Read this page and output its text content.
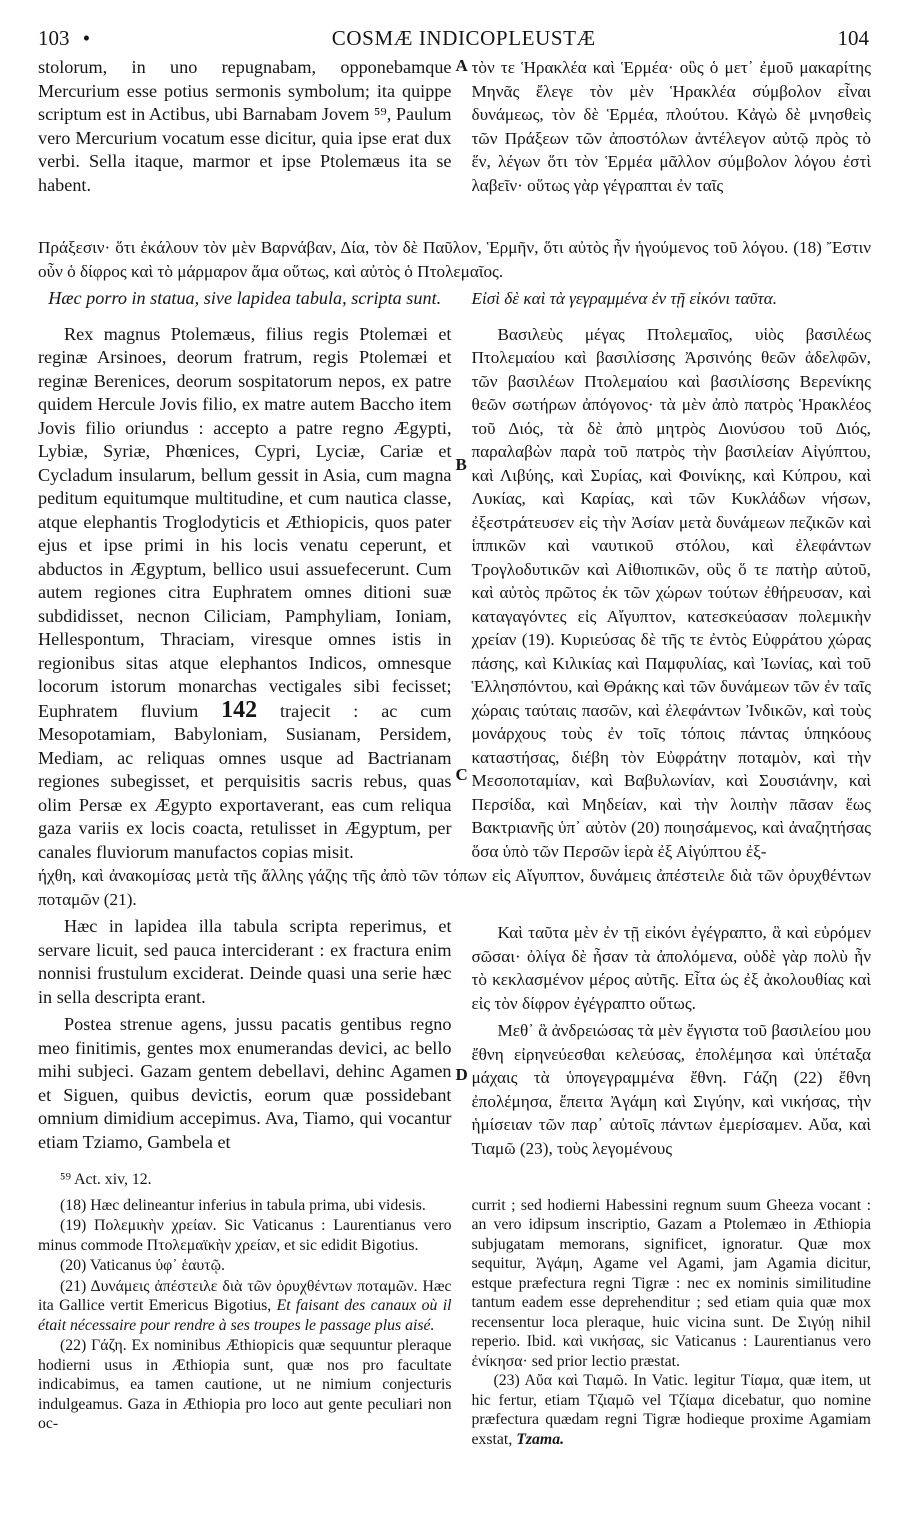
103 •	COSMÆ INDICOPLEUSTÆ	104

stolorum, in uno repugnabam, opponebamque Mercurium esse potius sermonis symbolum; ita quippe scriptum est in Actibus, ubi Barnabam Jovem ⁵⁹, Paulum vero Mercurium vocatum esse dicitur, quia ipse erat dux verbi. Sella itaque, marmor et ipse Ptolemæus ita se habent.

A τὸν τε Ἡρακλέα καὶ Ἑρμέα· οὓς ὁ μετ᾽ ἐμοῦ μακαρίτης Μηνᾶς ἔλεγε τὸν μὲν Ἡρακλέα σύμβολον εἶναι δυνάμεως, τὸν δὲ Ἑρμέα, πλούτου. Κἀγὼ δὲ μνησθεὶς τῶν Πράξεων τῶν ἀποστόλων ἀντέλεγον αὐτῷ πρὸς τὸ ἕν, λέγων ὅτι τὸν Ἑρμέα μᾶλλον σύμβολον λόγου ἐστὶ λαβεῖν· οὕτως γὰρ γέγραπται ἐν ταῖς

Πράξεσιν· ὅτι ἐκάλουν τὸν μὲν Βαρνάβαν, Δία, τὸν δὲ Παῦλον, Ἑρμῆν, ὅτι αὐτὸς ἦν ἡγούμενος τοῦ λόγου. (18) Ἔστιν οὖν ὁ δίφρος καὶ τὸ μάρμαρον ἅμα οὕτως, καὶ αὐτὸς ὁ Πτολεμαῖος.

Hæc porro in statua, sive lapidea tabula, scripta sunt.

Rex magnus Ptolemæus, filius regis Ptolemæi et reginæ Arsinoes, deorum fratrum, regis Ptolemæi et reginæ Berenices, deorum sospitatorum nepos, ex patre quidem Hercule Jovis filio, ex matre autem Baccho item Jovis filio oriundus : accepto a patre regno Ægypti, Lybiæ, Syriæ, Phœnices, Cypri, Lyciæ, Cariæ et Cycladum insularum, bellum gessit in Asia, cum magna peditum equitumque multitudine, et cum nautica classe, atque elephantis Troglodyticis et Æthiopicis, quos pater ejus et ipse primi in his locis venatu ceperunt, et abductos in Ægyptum, bellico usui assuefecerunt. Cum autem regiones citra Euphratem omnes ditioni suæ subdidisset, necnon Ciliciam, Pamphyliam, Ioniam, Hellespontum, Thraciam, viresque omnes istis in regionibus sitas atque elephantos Indicos, omnesque locorum istorum monarchas vectigales sibi fecisset; Euphratem fluvium 142 trajecit : ac cum Mesopotamiam, Babyloniam, Susianam, Persidem, Mediam, ac reliquas omnes usque ad Bactrianam regiones subegisset, et perquisitis sacris rebus, quas olim Persæ ex Ægypto exportaverant, eas cum reliqua gaza variis ex locis coacta, retulisset in Ægyptum, per canales fluviorum manufactos copias misit.

B
C

Εἰσὶ δὲ καὶ τὰ γεγραμμένα ἐν τῇ εἰκόνι ταῦτα.

Βασιλεὺς μέγας Πτολεμαῖος, υἱὸς βασιλέως Πτολεμαίου καὶ βασιλίσσης Ἀρσινόης θεῶν ἀδελφῶν, τῶν βασιλέων Πτολεμαίου καὶ βασιλίσσης Βερενίκης θεῶν σωτήρων ἀπόγονος· τὰ μὲν ἀπὸ πατρὸς Ἡρακλέος τοῦ Διός, τὰ δὲ ἀπὸ μητρὸς Διονύσου τοῦ Διός, παραλαβὼν παρὰ τοῦ πατρὸς τὴν βασιλείαν Αἰγύπτου, καὶ Λιβύης, καὶ Συρίας, καὶ Φοινίκης, καὶ Κύπρου, καὶ Λυκίας, καὶ Καρίας, καὶ τῶν Κυκλάδων νήσων, ἐξεστράτευσεν εἰς τὴν Ἀσίαν μετὰ δυνάμεων πεζικῶν καὶ ἱππικῶν καὶ ναυτικοῦ στόλου, καὶ ἐλεφάντων Τρογλοδυτικῶν καὶ Αἰθιοπικῶν, οὓς ὅ τε πατὴρ αὐτοῦ, καὶ αὐτὸς πρῶτος ἐκ τῶν χώρων τούτων ἐθήρευσαν, καὶ καταγαγόντες εἰς Αἴγυπτον, κατεσκεύασαν πολεμικὴν χρείαν (19). Κυριεύσας δὲ τῆς τε ἐντὸς Εὐφράτου χώρας πάσης, καὶ Κιλικίας καὶ Παμφυλίας, καὶ Ἰωνίας, καὶ τοῦ Ἑλλησπόντου, καὶ Θράκης καὶ τῶν δυνάμεων τῶν ἐν ταῖς χώραις ταύταις πασῶν, καὶ ἐλεφάντων Ἰνδικῶν, καὶ τοὺς μονάρχους τοὺς ἐν τοῖς τόποις πάντας ὑπηκόους καταστήσας, διέβη τὸν Εὐφράτην ποταμὸν, καὶ τὴν Μεσοποταμίαν, καὶ Βαβυλωνίαν, καὶ Σουσιάνην, καὶ Περσίδα, καὶ Μηδείαν, καὶ τὴν λοιπὴν πᾶσαν ἕως Βακτριανῆς ὑπ᾽ αὐτὸν (20) ποιησάμενος, καὶ ἀναζητήσας ὅσα ὑπὸ τῶν Περσῶν ἱερὰ ἐξ Αἰγύπτου ἐξ-

ήχθη, καὶ ἀνακομίσας μετὰ τῆς ἄλλης γάζης τῆς ἀπὸ τῶν τόπων εἰς Αἴγυπτον, δυνάμεις ἀπέστειλε διὰ τῶν ὀρυχθέντων ποταμῶν (21).

Hæc in lapidea illa tabula scripta reperimus, et servare licuit, sed pauca interciderant : ex fractura enim nonnisi frustulum exciderat. Deinde quasi una serie hæc in sella descripta erant.

Postea strenue agens, jussu pacatis gentibus regno meo finitimis, gentes mox enumerandas devici, ac bello mihi subjeci. Gazam gentem debellavi, dehinc Agamen et Siguen, quibus devictis, eorum quæ possidebant omnium dimidium accepimus. Ava, Tiamo, qui vocantur etiam Tziamo, Gambela et

D

Καὶ ταῦτα μὲν ἐν τῇ εἰκόνι ἐγέγραπτο, ἃ καὶ εὑρόμεν σῶσαι· ὀλίγα δὲ ἦσαν τὰ ἀπολόμενα, οὐδὲ γὰρ πολὺ ἦν τὸ κεκλασμένον μέρος αὐτῆς. Εἶτα ὡς ἐξ ἀκολουθίας καὶ εἰς τὸν δίφρον ἐγέγραπτο οὕτως.

Μεθ᾽ ἃ ἀνδρειώσας τὰ μὲν ἔγγιστα τοῦ βασιλείου μου ἔθνη εἰρηνεύεσθαι κελεύσας, ἐπολέμησα καὶ ὑπέταξα μάχαις τὰ ὑπογεγραμμένα ἔθνη. Γάζη (22) ἔθνη ἐπολέμησα, ἔπειτα Ἀγάμη καὶ Σιγύην, καὶ νικήσας, τὴν ἡμίσειαν τῶν παρ᾽ αὐτοῖς πάντων ἐμερίσαμεν. Αὔα, καὶ Τιαμῶ (23), τοὺς λεγομένους

⁵⁹ Act. xiv, 12.

(18) Hæc delineantur inferius in tabula prima, ubi videsis.

(19) Πολεμικὴν χρείαν. Sic Vaticanus : Laurentianus vero minus commode Πτολεμαϊκὴν χρείαν, et sic edidit Bigotius.

(20) Vaticanus ὑφ᾽ ἑαυτῷ.

(21) Δυνάμεις ἀπέστειλε διὰ τῶν ὀρυχθέντων ποταμῶν. Hæc ita Gallice vertit Emericus Bigotius, Et faisant des canaux où il était nécessaire pour rendre à ses troupes le passage plus aisé.

(22) Γάζη. Ex nominibus Æthiopicis quæ sequuntur pleraque hodierni usus in Æthiopia sunt, quæ nos pro facultate indicabimus, ea tamen cautione, ut ne nimium conjecturis indulgeamus. Gaza in Æthiopia pro loco aut gente peculiari non oc-

currit ; sed hodierni Habessini regnum suum Gheeza vocant : an vero idipsum inscriptio, Gazam a Ptolemæo in Æthiopia subjugatam memorans, significet, ignoratur. Quæ mox sequitur, Ἀγάμη, Agame vel Agami, jam Agamia dicitur, estque præfectura regni Tigræ : nec ex nominis similitudine tantum eadem esse deprehenditur ; sed etiam quia quæ mox recensentur loca pleraque, huic vicina sunt. De Σιγύῃ nihil reperio. Ibid. καὶ νικήσας, sic Vaticanus : Laurentianus vero ἐνίκησα· sed prior lectio præstat.

(23) Αὔα καὶ Τιαμῶ. In Vatic. legitur Τίαμα, quæ item, ut hic fertur, etiam Τζιαμῶ vel Τζίαμα dicebatur, quo nomine præfectura quædam regni Tigræ hodieque proxime Agamiam exstat, Tzama.
